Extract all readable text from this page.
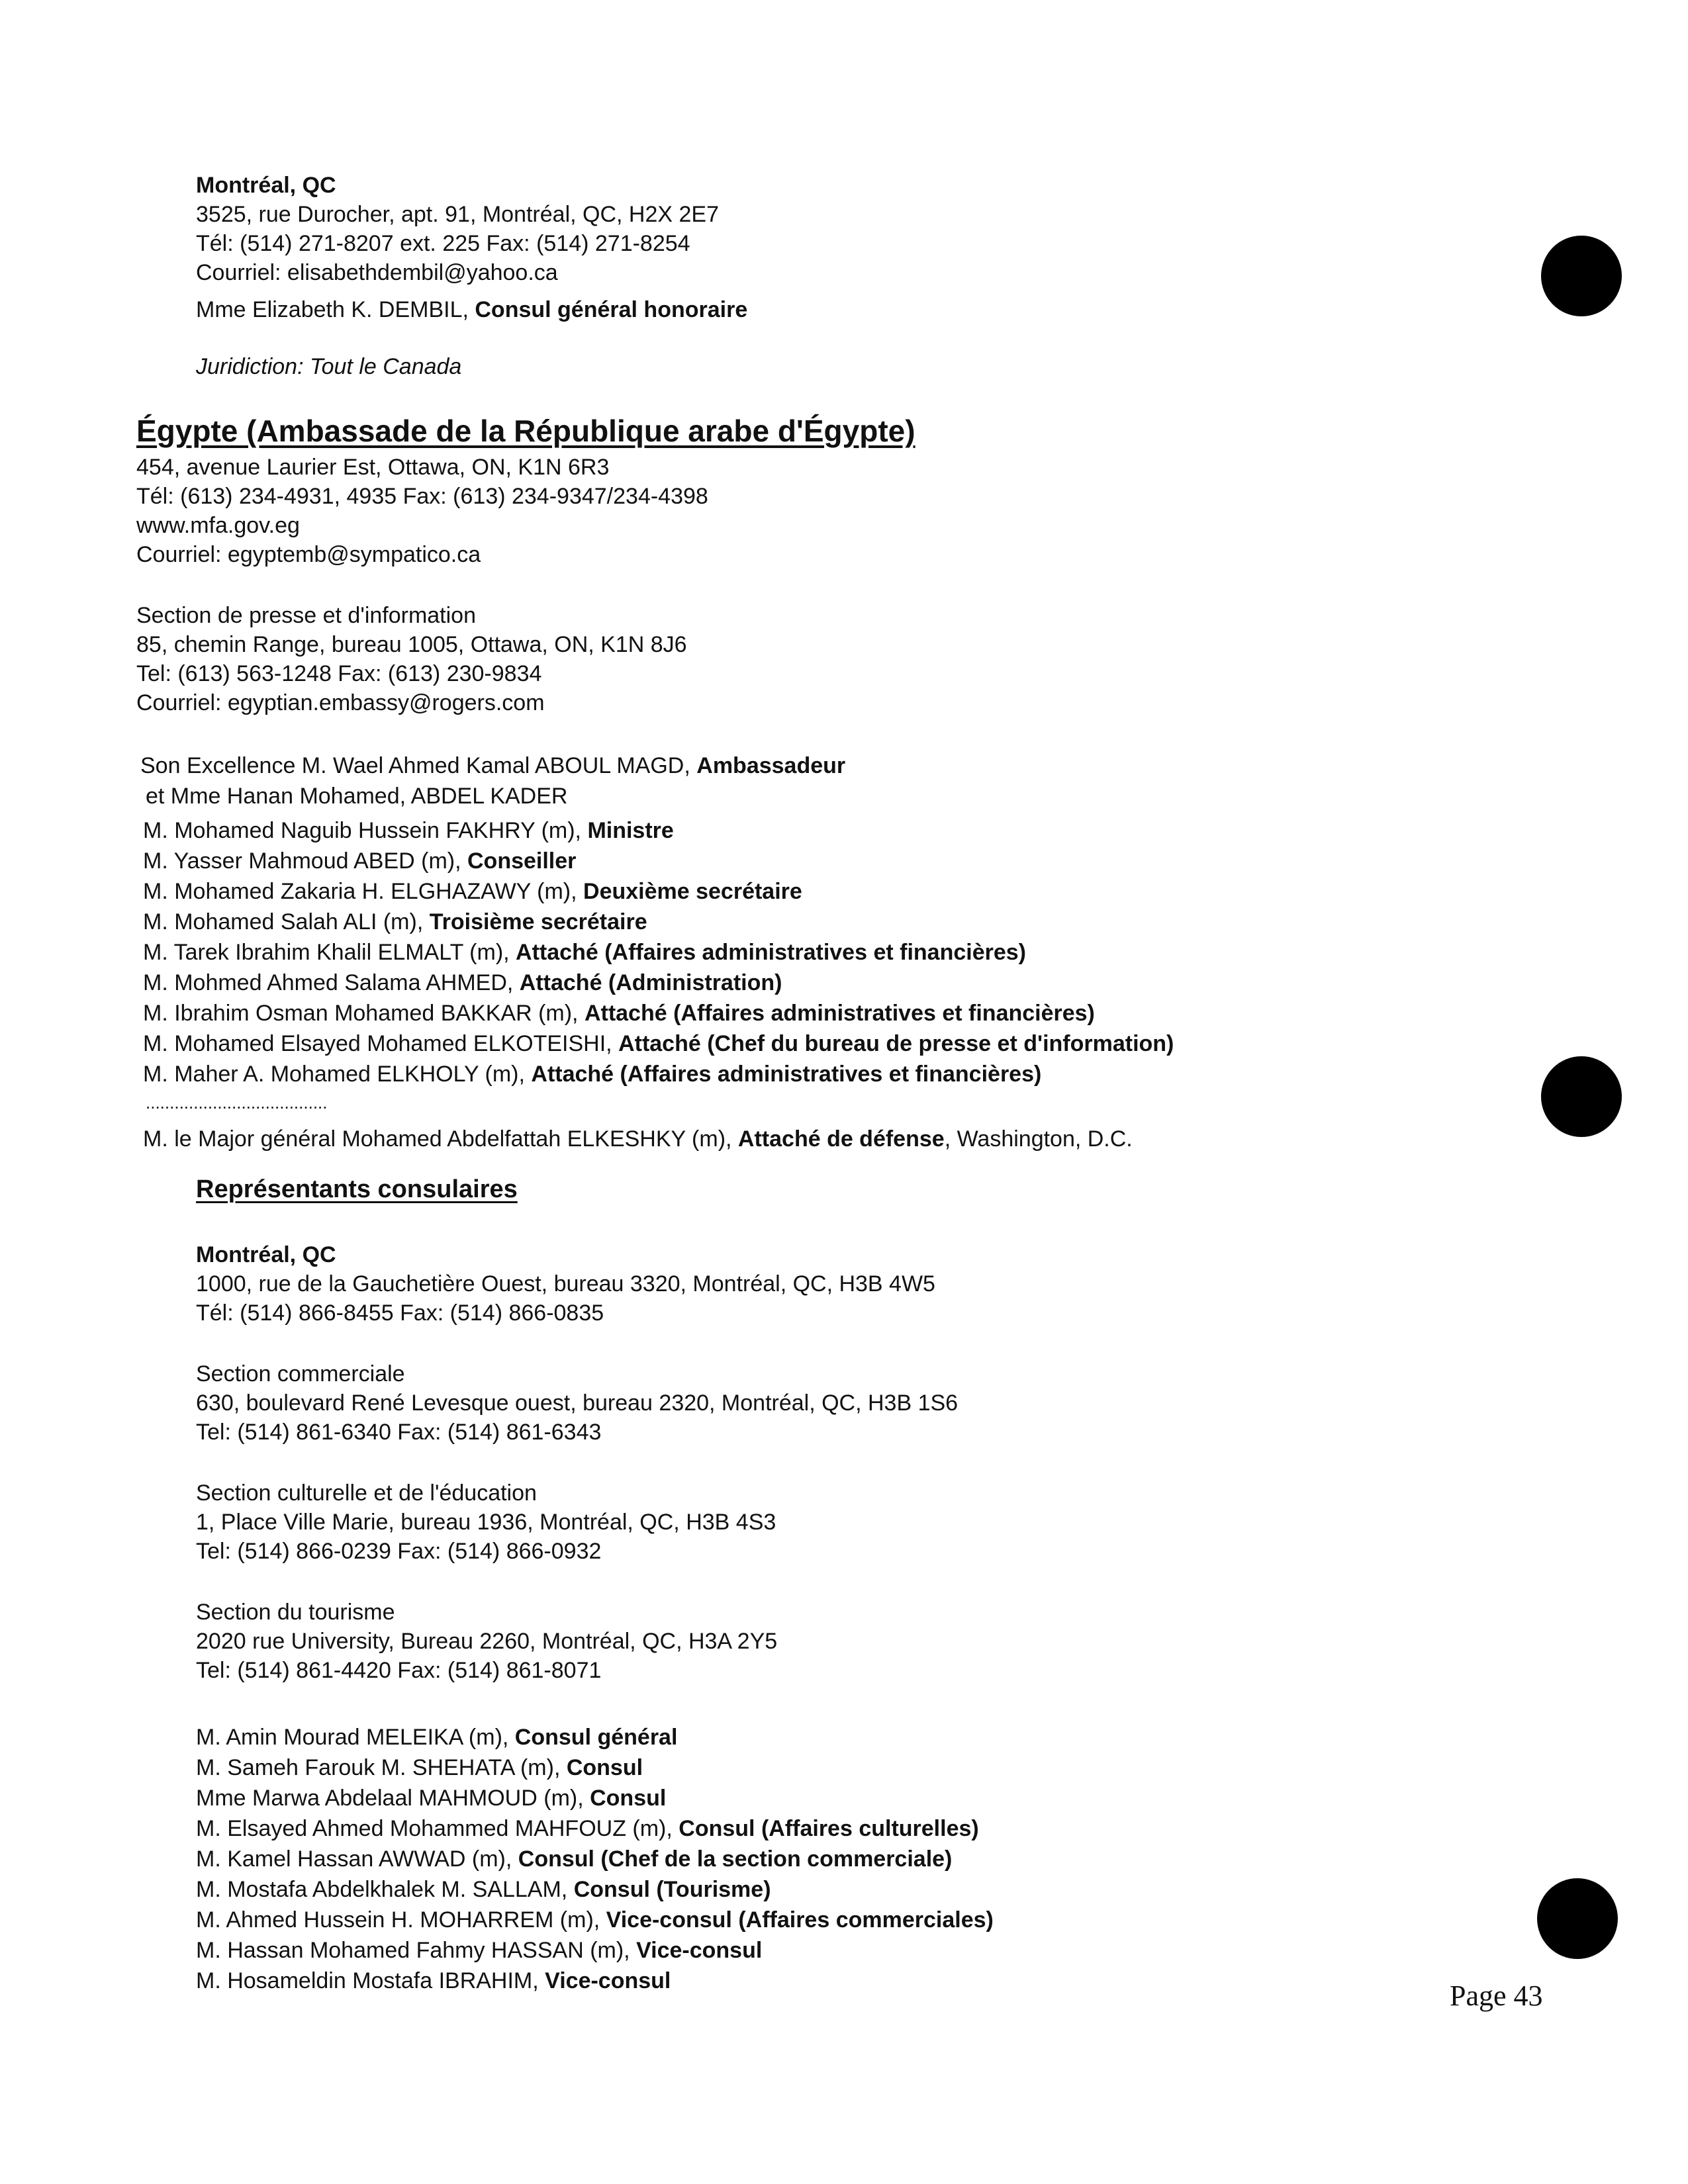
Montréal, QC
3525, rue Durocher, apt. 91, Montréal, QC, H2X 2E7
Tél: (514) 271-8207 ext. 225 Fax: (514) 271-8254
Courriel: elisabethdembil@yahoo.ca
Mme Elizabeth K. DEMBIL, Consul général honoraire
Juridiction: Tout le Canada
Égypte (Ambassade de la République arabe d'Égypte)
454, avenue Laurier Est, Ottawa, ON, K1N 6R3
Tél: (613) 234-4931, 4935 Fax: (613) 234-9347/234-4398
www.mfa.gov.eg
Courriel: egyptemb@sympatico.ca
Section de presse et d'information
85, chemin Range, bureau 1005, Ottawa, ON, K1N 8J6
Tel: (613) 563-1248 Fax: (613) 230-9834
Courriel: egyptian.embassy@rogers.com
Son Excellence M. Wael Ahmed Kamal ABOUL MAGD, Ambassadeur
et Mme Hanan Mohamed, ABDEL KADER
M. Mohamed Naguib Hussein FAKHRY (m), Ministre
M. Yasser Mahmoud ABED (m), Conseiller
M. Mohamed Zakaria H. ELGHAZAWY (m), Deuxième secrétaire
M. Mohamed Salah ALI (m), Troisième secrétaire
M. Tarek Ibrahim Khalil ELMALT (m), Attaché (Affaires administratives et financières)
M. Mohmed Ahmed Salama AHMED, Attaché (Administration)
M. Ibrahim Osman Mohamed BAKKAR (m), Attaché (Affaires administratives et financières)
M. Mohamed Elsayed Mohamed ELKOTEISHI, Attaché (Chef du bureau de presse et d'information)
M. Maher A. Mohamed ELKHOLY (m), Attaché (Affaires administratives et financières)
......................................
M. le Major général Mohamed Abdelfattah ELKESHKY (m), Attaché de défense, Washington, D.C.
Représentants consulaires
Montréal, QC
1000, rue de la Gauchetière Ouest, bureau 3320, Montréal, QC, H3B 4W5
Tél: (514) 866-8455 Fax: (514) 866-0835
Section commerciale
630, boulevard René Levesque ouest, bureau 2320, Montréal, QC, H3B 1S6
Tel: (514) 861-6340 Fax: (514) 861-6343
Section culturelle et de l'éducation
1, Place Ville Marie, bureau 1936, Montréal, QC, H3B 4S3
Tel: (514) 866-0239 Fax: (514) 866-0932
Section du tourisme
2020 rue University, Bureau 2260, Montréal, QC, H3A 2Y5
Tel: (514) 861-4420 Fax: (514) 861-8071
M. Amin Mourad MELEIKA (m), Consul général
M. Sameh Farouk M. SHEHATA (m), Consul
Mme Marwa Abdelaal MAHMOUD (m), Consul
M. Elsayed Ahmed Mohammed MAHFOUZ (m), Consul (Affaires culturelles)
M. Kamel Hassan AWWAD (m), Consul (Chef de la section commerciale)
M. Mostafa Abdelkhalek M. SALLAM, Consul (Tourisme)
M. Ahmed Hussein H. MOHARREM (m), Vice-consul (Affaires commerciales)
M. Hassan Mohamed Fahmy HASSAN (m), Vice-consul
M. Hosameldin Mostafa IBRAHIM, Vice-consul	Page 43
